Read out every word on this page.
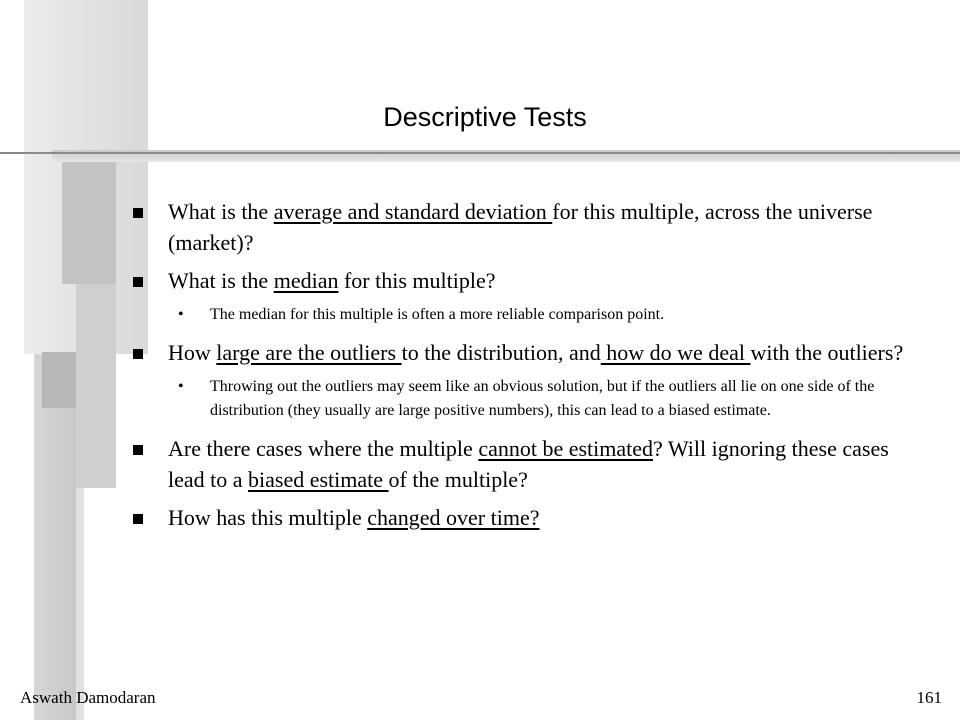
Descriptive Tests
What is the average and standard deviation for this multiple, across the universe (market)?
What is the median for this multiple?
• The median for this multiple is often a more reliable comparison point.
How large are the outliers to the distribution, and how do we deal with the outliers?
• Throwing out the outliers may seem like an obvious solution, but if the outliers all lie on one side of the distribution (they usually are large positive numbers), this can lead to a biased estimate.
Are there cases where the multiple cannot be estimated? Will ignoring these cases lead to a biased estimate of the multiple?
How has this multiple changed over time?
Aswath Damodaran	161
